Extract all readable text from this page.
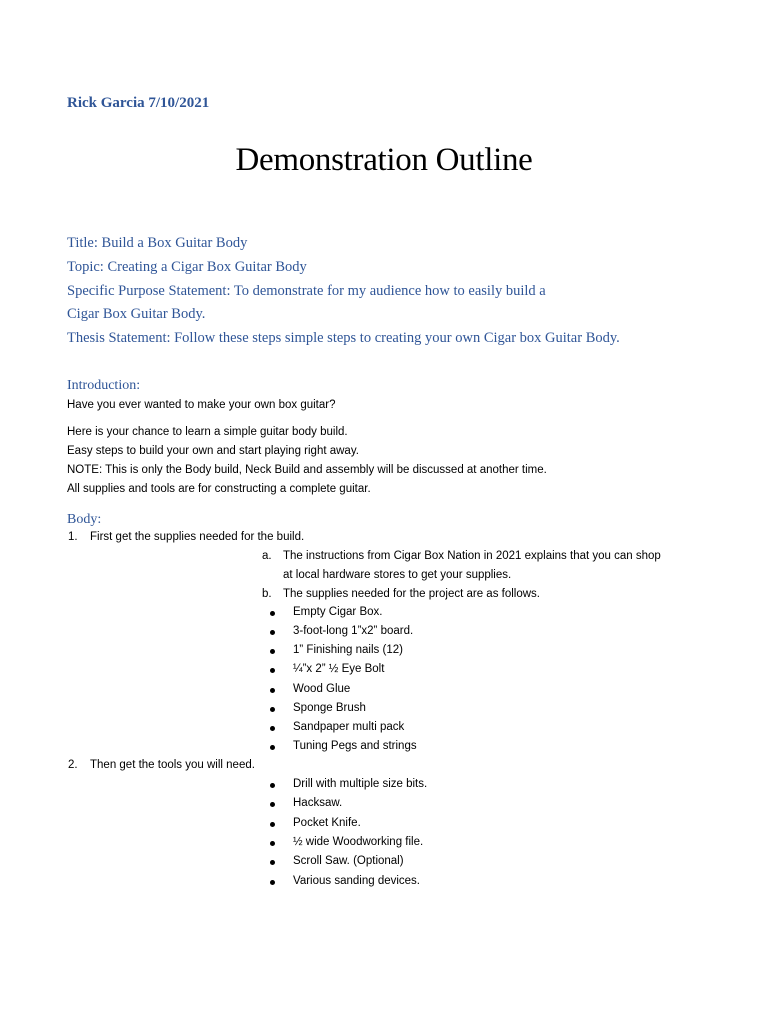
Rick Garcia 7/10/2021
Demonstration Outline
Title: Build a Box Guitar Body
Topic: Creating a Cigar Box Guitar Body
Specific Purpose Statement: To demonstrate for my audience how to easily build a
Cigar Box Guitar Body.
Thesis Statement: Follow these steps simple steps to creating your own Cigar box Guitar Body.
Introduction:
Have you ever wanted to make your own box guitar?
Here is your chance to learn a simple guitar body build.
Easy steps to build your own and start playing right away.
NOTE: This is only the Body build, Neck Build and assembly will be discussed at another time.
All supplies and tools are for constructing a complete guitar.
Body:
1. First get the supplies needed for the build.
a. The instructions from Cigar Box Nation in 2021 explains that you can shop
at local hardware stores to get your supplies.
b. The supplies needed for the project are as follows.
Empty Cigar Box.
3-foot-long 1”x2” board.
1” Finishing nails (12)
¼”x 2” ½ Eye Bolt
Wood Glue
Sponge Brush
Sandpaper multi pack
Tuning Pegs and strings
2. Then get the tools you will need.
Drill with multiple size bits.
Hacksaw.
Pocket Knife.
½ wide Woodworking file.
Scroll Saw. (Optional)
Various sanding devices.
